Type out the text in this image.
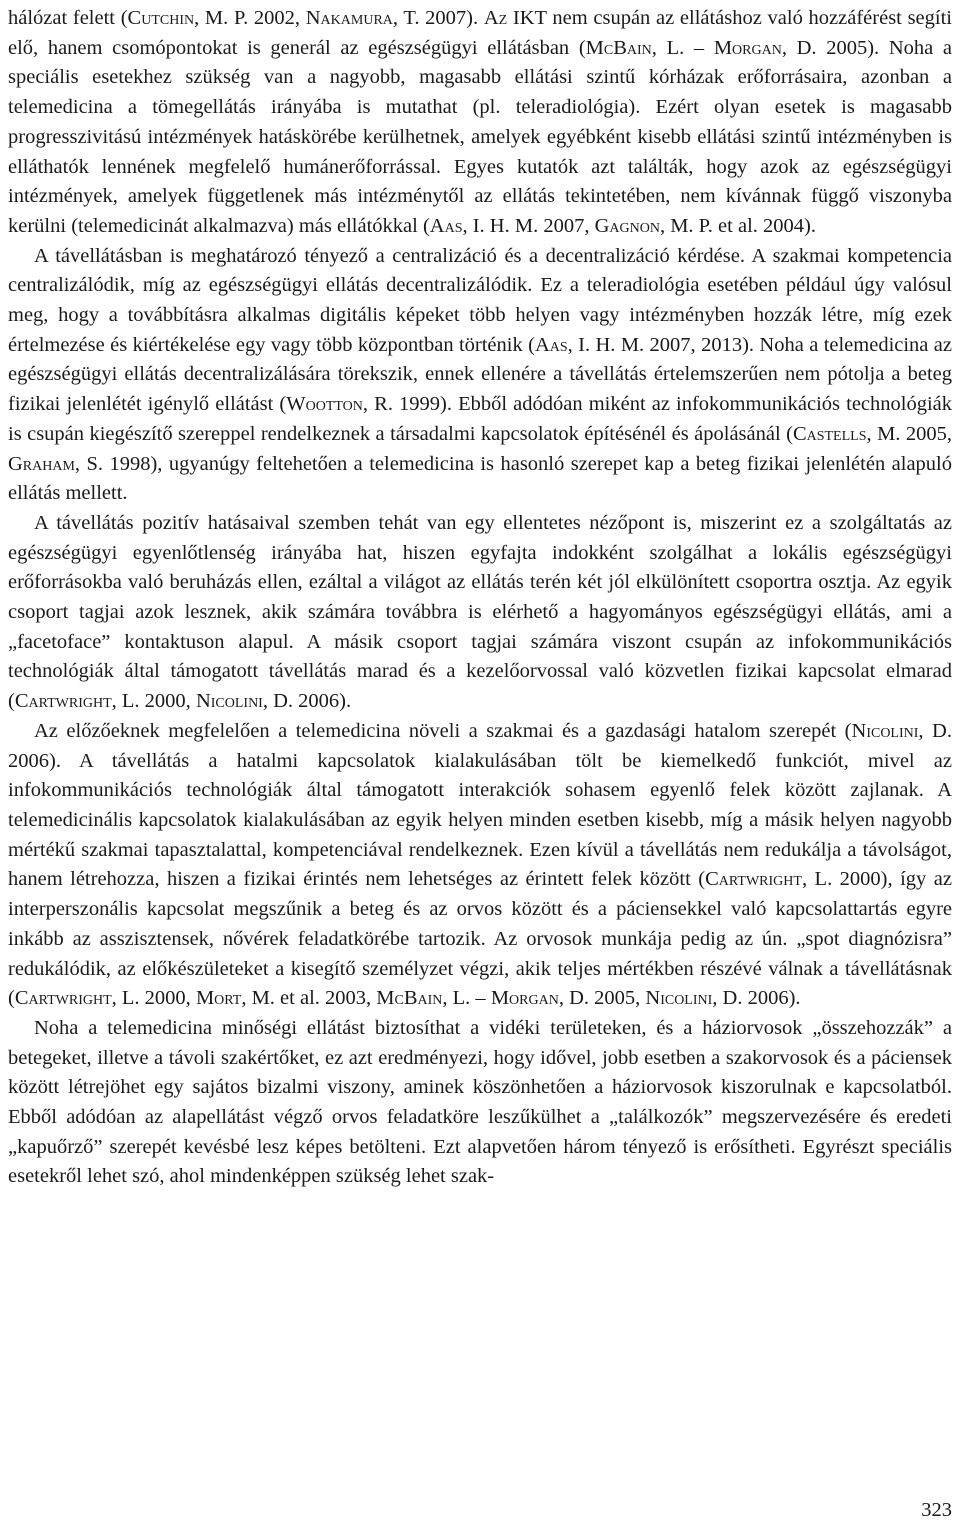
hálózat felett (Cutchin, M. P. 2002, Nakamura, T. 2007). Az IKT nem csupán az ellátáshoz való hozzáférést segíti elő, hanem csomópontokat is generál az egészségügyi ellátásban (McBain, L. – Morgan, D. 2005). Noha a speciális esetekhez szükség van a nagyobb, magasabb ellátási szintű kórházak erőforrásaira, azonban a telemedicina a tömegellátás irányába is mutathat (pl. teleradiológia). Ezért olyan esetek is magasabb progresszivitású intézmények hatáskörébe kerülhetnek, amelyek egyébként kisebb ellátási szintű intézményben is elláthatók lennének megfelelő humánerőforrással. Egyes kutatók azt találták, hogy azok az egészségügyi intézmények, amelyek függetlenek más intézménytől az ellátás tekintetében, nem kívánnak függő viszonyba kerülni (telemedicinát alkalmazva) más ellátókkal (Aas, I. H. M. 2007, Gagnon, M. P. et al. 2004).

A távellátásban is meghatározó tényező a centralizáció és a decentralizáció kérdése. A szakmai kompetencia centralizálódik, míg az egészségügyi ellátás decentralizálódik. Ez a teleradiológia esetében például úgy valósul meg, hogy a továbbításra alkalmas digitális képeket több helyen vagy intézményben hozzák létre, míg ezek értelmezése és kiértékelése egy vagy több központban történik (Aas, I. H. M. 2007, 2013). Noha a telemedicina az egészségügyi ellátás decentralizálására törekszik, ennek ellenére a távellátás értelemszerűen nem pótolja a beteg fizikai jelenlétét igénylő ellátást (Wootton, R. 1999). Ebből adódóan miként az infokommunikációs technológiák is csupán kiegészítő szereppel rendelkeznek a társadalmi kapcsolatok építésénél és ápolásánál (Castells, M. 2005, Graham, S. 1998), ugyanúgy feltehetően a telemedicina is hasonló szerepet kap a beteg fizikai jelenlétén alapuló ellátás mellett.

A távellátás pozitív hatásaival szemben tehát van egy ellentetes nézőpont is, miszerint ez a szolgáltatás az egészségügyi egyenlőtlenség irányába hat, hiszen egyfajta indokként szolgálhat a lokális egészségügyi erőforrásokba való beruházás ellen, ezáltal a világot az ellátás terén két jól elkülönített csoportra osztja. Az egyik csoport tagjai azok lesznek, akik számára továbbra is elérhető a hagyományos egészségügyi ellátás, ami a „facetoface” kontaktuson alapul. A másik csoport tagjai számára viszont csupán az infokommunikációs technológiák által támogatott távellátás marad és a kezelőorvossal való közvetlen fizikai kapcsolat elmarad (Cartwright, L. 2000, Nicolini, D. 2006).

Az előzőeknek megfelelően a telemedicina növeli a szakmai és a gazdasági hatalom szerepét (Nicolini, D. 2006). A távellátás a hatalmi kapcsolatok kialakulásában tölt be kiemelkedő funkciót, mivel az infokommunikációs technológiák által támogatott interakciók sohasem egyenlő felek között zajlanak. A telemedicinális kapcsolatok kialakulásában az egyik helyen minden esetben kisebb, míg a másik helyen nagyobb mértékű szakmai tapasztalattal, kompetenciával rendelkeznek. Ezen kívül a távellátás nem redukálja a távolságot, hanem létrehozza, hiszen a fizikai érintés nem lehetséges az érintett felek között (Cartwright, L. 2000), így az interperszonális kapcsolat megszűnik a beteg és az orvos között és a páciensekkel való kapcsolattartás egyre inkább az asszisztensek, nővérek feladatkörébe tartozik. Az orvosok munkája pedig az ún. „spot diagnózisra” redukálódik, az előkészületeket a kisegítő személyzet végzi, akik teljes mértékben részévé válnak a távellátásnak (Cartwright, L. 2000, Mort, M. et al. 2003, McBain, L. – Morgan, D. 2005, Nicolini, D. 2006).

Noha a telemedicina minőségi ellátást biztosíthat a vidéki területeken, és a háziorvosok „összehozzák” a betegeket, illetve a távoli szakértőket, ez azt eredményezi, hogy idővel, jobb esetben a szakorvosok és a páciensek között létrejöhet egy sajátos bizalmi viszony, aminek köszönhetően a háziorvosok kiszorulnak e kapcsolatból. Ebből adódóan az alapellátást végző orvos feladatköre leszűkülhet a „találkozók” megszervezésére és eredeti „kapuőrző” szerepét kevésbé lesz képes betölteni. Ezt alapvetően három tényező is erősítheti. Egyrészt speciális esetekről lehet szó, ahol mindenképpen szükség lehet szak-

323
